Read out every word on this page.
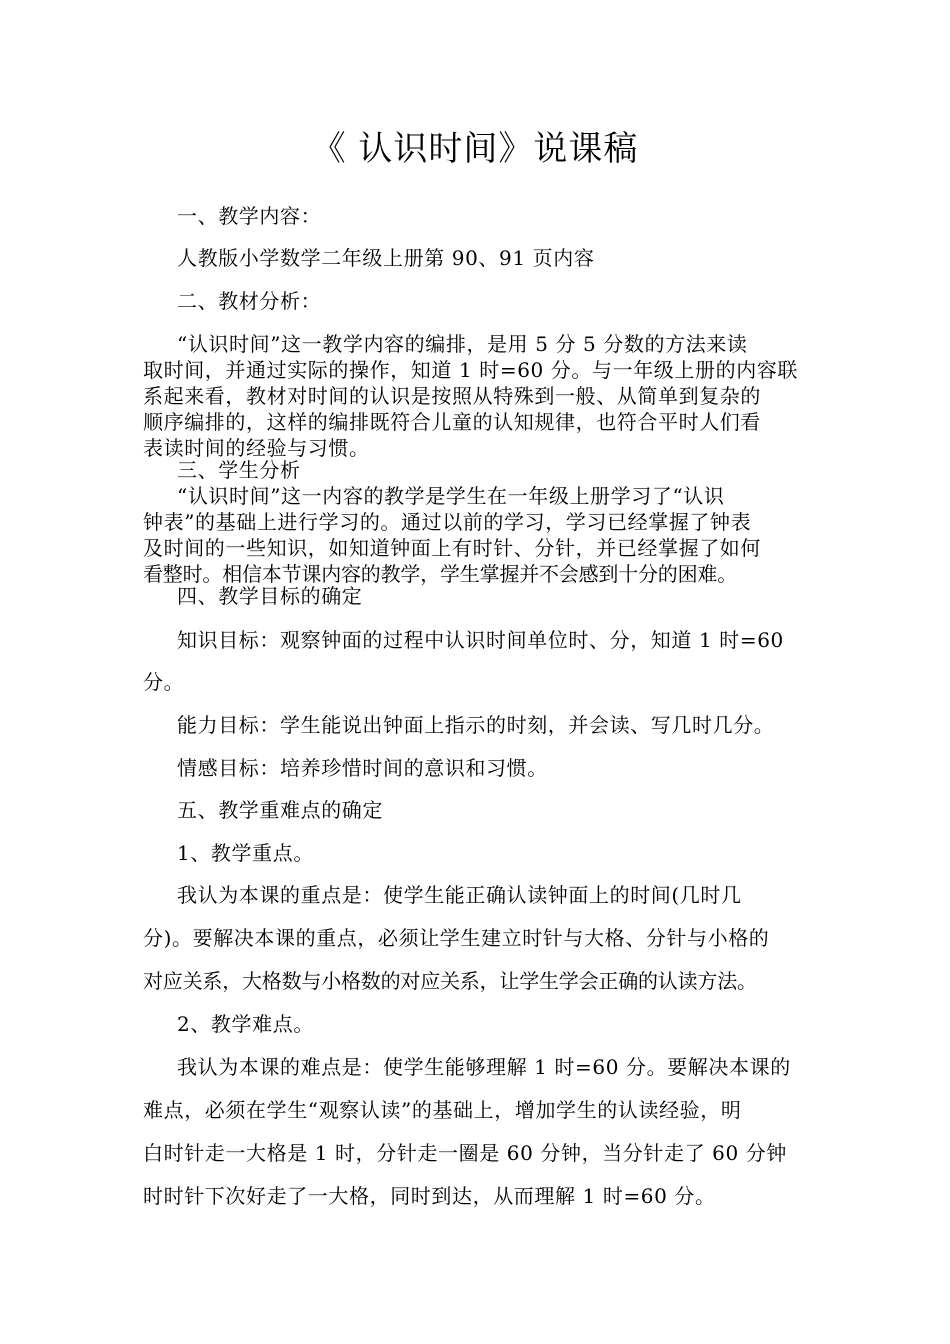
《 认识时间》说课稿
一、教学内容：
人教版小学数学二年级上册第 90、91 页内容
二、教材分析：
“认识时间”这一教学内容的编排，是用 5 分 5 分数的方法来读
取时间，并通过实际的操作，知道 1 时=60 分。与一年级上册的内容联
系起来看，教材对时间的认识是按照从特殊到一般、从简单到复杂的
顺序编排的，这样的编排既符合儿童的认知规律，也符合平时人们看
表读时间的经验与习惯。
三、学生分析
“认识时间”这一内容的教学是学生在一年级上册学习了“认识
钟表”的基础上进行学习的。通过以前的学习，学习已经掌握了钟表
及时间的一些知识，如知道钟面上有时针、分针，并已经掌握了如何
看整时。相信本节课内容的教学，学生掌握并不会感到十分的困难。
四、教学目标的确定
知识目标：观察钟面的过程中认识时间单位时、分，知道 1 时=60
分。
能力目标：学生能说出钟面上指示的时刻，并会读、写几时几分。
情感目标：培养珍惜时间的意识和习惯。
五、教学重难点的确定
1、教学重点。
我认为本课的重点是：使学生能正确认读钟面上的时间(几时几
分)。要解决本课的重点，必须让学生建立时针与大格、分针与小格的
对应关系，大格数与小格数的对应关系，让学生学会正确的认读方法。
2、教学难点。
我认为本课的难点是：使学生能够理解 1 时=60 分。要解决本课的
难点，必须在学生“观察认读”的基础上，增加学生的认读经验，明
白时针走一大格是 1 时，分针走一圈是 60 分钟，当分针走了 60 分钟
时时针下次好走了一大格，同时到达，从而理解 1 时=60 分。
